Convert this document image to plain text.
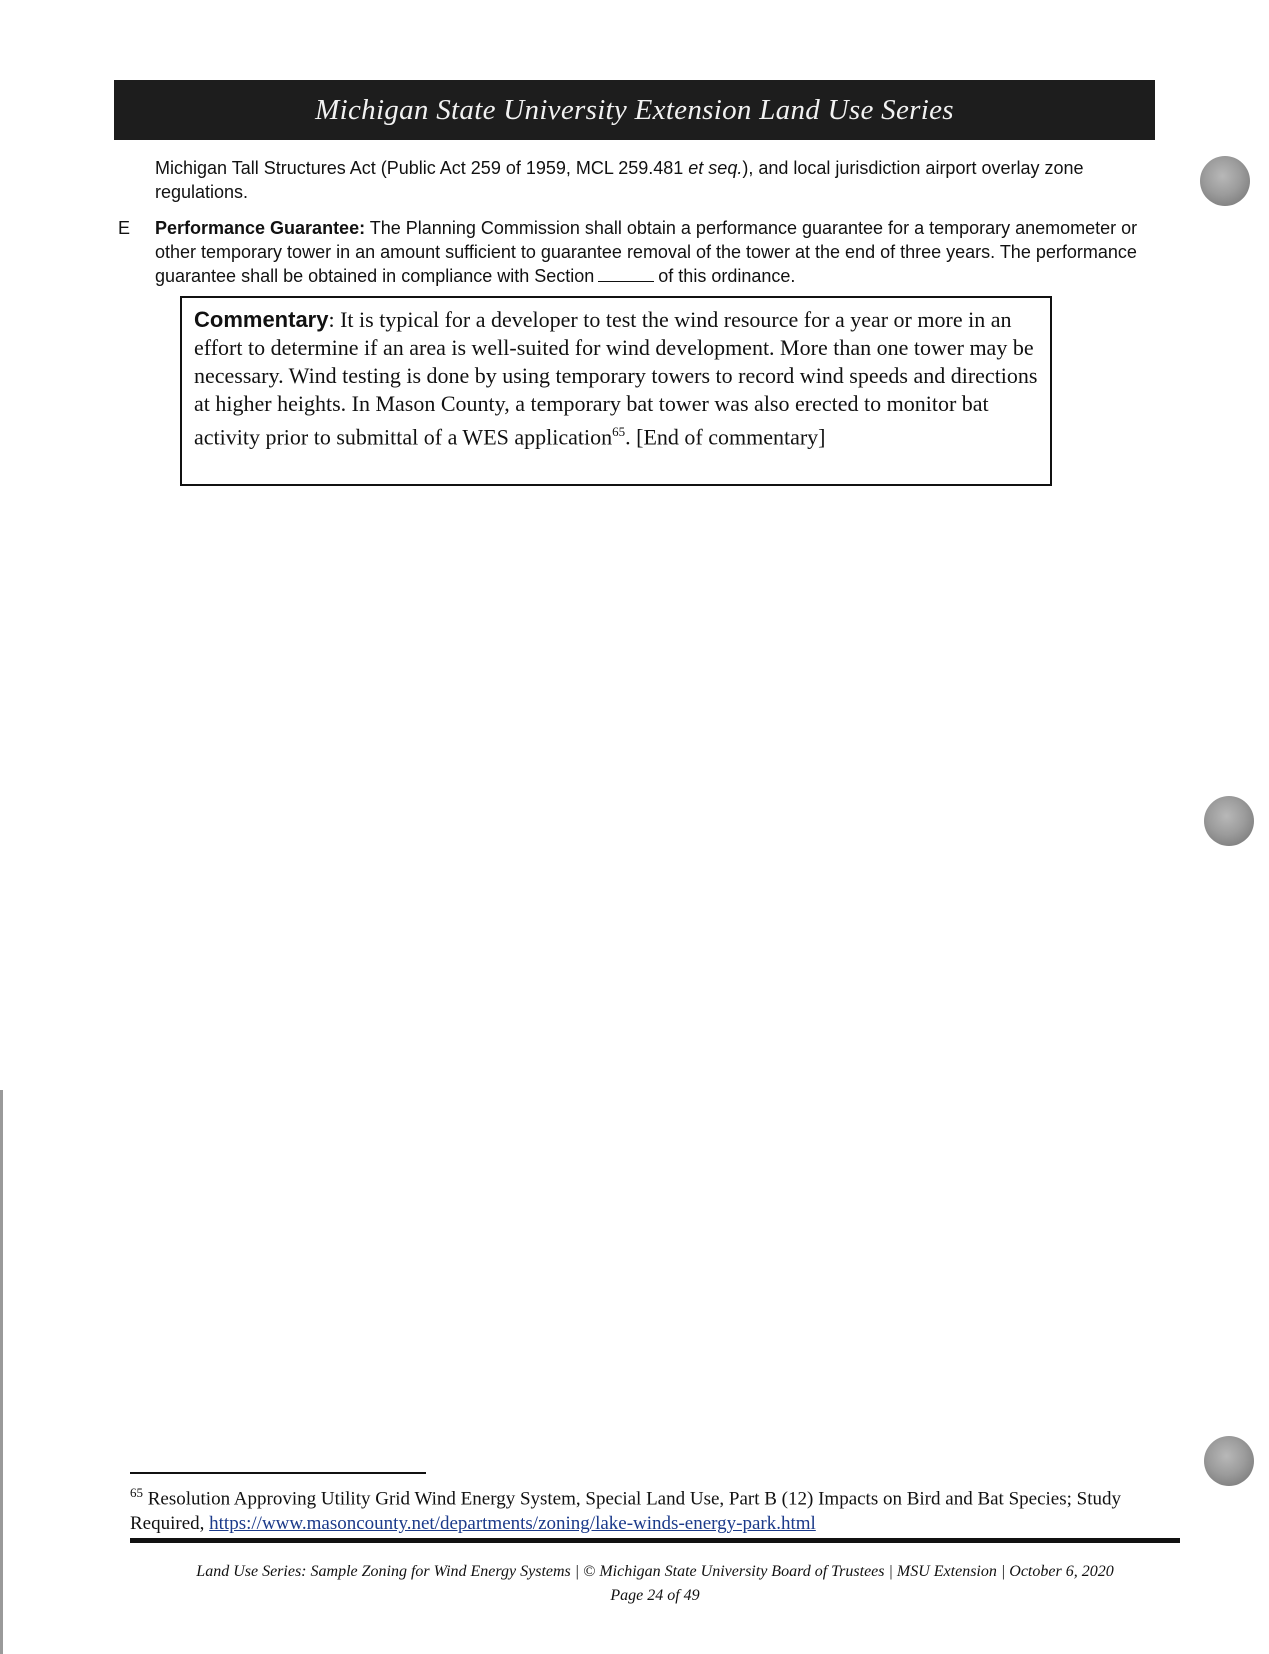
Michigan State University Extension Land Use Series
Michigan Tall Structures Act (Public Act 259 of 1959, MCL 259.481 et seq.), and local jurisdiction airport overlay zone regulations.
E Performance Guarantee: The Planning Commission shall obtain a performance guarantee for a temporary anemometer or other temporary tower in an amount sufficient to guarantee removal of the tower at the end of three years. The performance guarantee shall be obtained in compliance with Section	of this ordinance.
Commentary: It is typical for a developer to test the wind resource for a year or more in an effort to determine if an area is well-suited for wind development. More than one tower may be necessary. Wind testing is done by using temporary towers to record wind speeds and directions at higher heights. In Mason County, a temporary bat tower was also erected to monitor bat activity prior to submittal of a WES application$^{65}$. [End of commentary]
$^{65}$ Resolution Approving Utility Grid Wind Energy System, Special Land Use, Part B (12) Impacts on Bird and Bat Species; Study Required, https://www.masoncounty.net/departments/zoning/lake-winds-energy-park.html
Land Use Series: Sample Zoning for Wind Energy Systems | © Michigan State University Board of Trustees | MSU Extension | October 6, 2020
Page 24 of 49
